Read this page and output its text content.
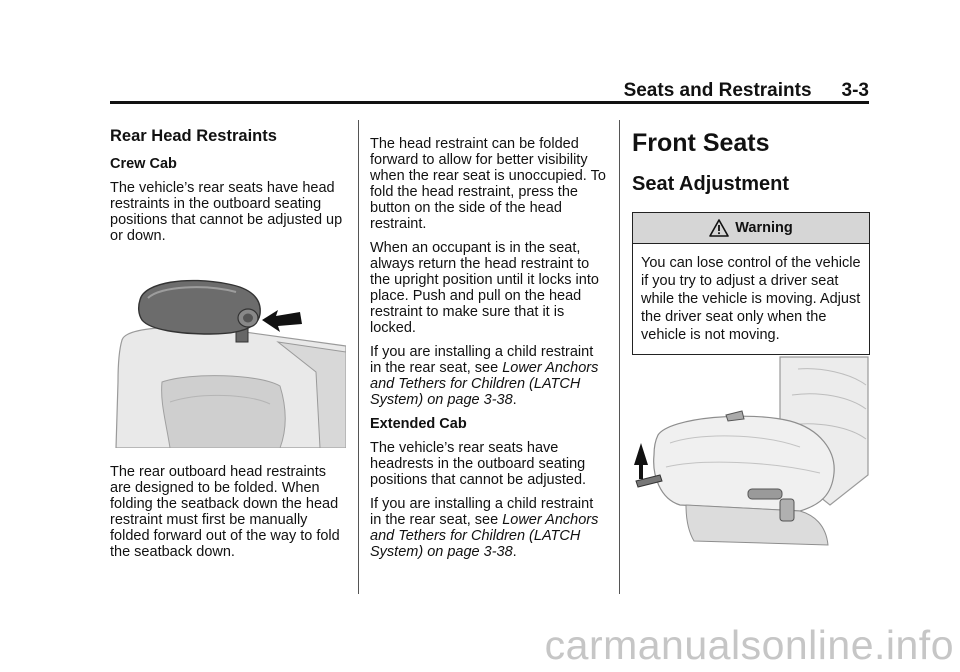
Seats and Restraints 3-3
Rear Head Restraints

Crew Cab

The vehicle’s rear seats have head restraints in the outboard seating positions that cannot be adjusted up or down.

The rear outboard head restraints are designed to be folded. When folding the seatback down the head restraint must first be manually folded forward out of the way to fold the seatback down.

The head restraint can be folded forward to allow for better visibility when the rear seat is unoccupied. To fold the head restraint, press the button on the side of the head restraint.

When an occupant is in the seat, always return the head restraint to the upright position until it locks into place. Push and pull on the head restraint to make sure that it is locked.

If you are installing a child restraint in the rear seat, see Lower Anchors and Tethers for Children (LATCH System) on page 3-38.

Extended Cab

The vehicle’s rear seats have headrests in the outboard seating positions that cannot be adjusted.

If you are installing a child restraint in the rear seat, see Lower Anchors and Tethers for Children (LATCH System) on page 3-38.

Front Seats
Seat Adjustment
Warning
You can lose control of the vehicle if you try to adjust a driver seat while the vehicle is moving. Adjust the driver seat only when the vehicle is not moving.
carmanualsonline.info
